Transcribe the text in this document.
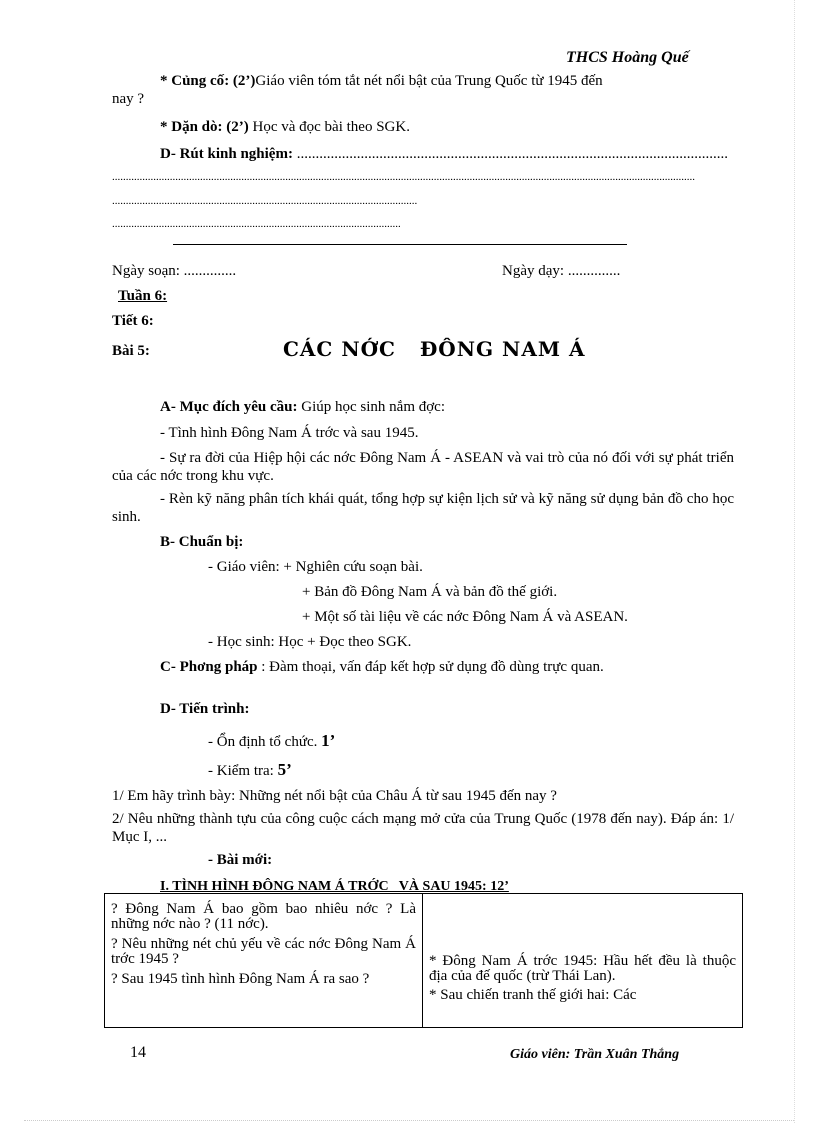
THCS Hoàng Quế
* Củng cố: (2’)Giáo viên tóm tắt nét nổi bật của Trung Quốc từ 1945 đến
nay ?
* Dặn dò: (2’) Học và đọc bài theo SGK.
D- Rút kinh nghiệm: ...................................................................................................................
....................................................................................................................................................................................................................
...............................................................................................................
.........................................................................................................
Ngày soạn: ..............	Ngày dạy: ..............
Tuần 6:
Tiết 6:
Bài 5:	CÁC NỚC   ĐÔNG NAM Á
A- Mục đích yêu cầu: Giúp học sinh nắm đợc:
- Tình hình Đông Nam Á trớc và sau 1945.
- Sự ra đời của Hiệp hội các nớc Đông Nam Á - ASEAN và vai trò của nó đối với sự phát triển của các nớc trong khu vực.
- Rèn kỹ năng phân tích khái quát, tổng hợp sự kiện lịch sử và kỹ năng sử dụng bản đồ cho học sinh.
B- Chuẩn bị:
- Giáo viên: + Nghiên cứu soạn bài.
+ Bản đồ Đông Nam Á và bản đồ thế giới.
+ Một số tài liệu về các nớc Đông Nam Á và ASEAN.
- Học sinh: Học + Đọc theo SGK.
C- Phơng pháp : Đàm thoại, vấn đáp kết hợp sử dụng đồ dùng trực quan.
D- Tiến trình:
- Ổn định tổ chức. 1’
- Kiểm tra: 5’
1/ Em hãy trình bày: Những nét nổi bật của Châu Á từ sau 1945 đến nay ?
2/ Nêu những thành tựu của công cuộc cách mạng mở cửa của Trung Quốc (1978 đến nay). Đáp án: 1/ Mục I, ...
- Bài mới:
I. TÌNH HÌNH ĐÔNG NAM Á TRỚC   VÀ SAU 1945: 12’
? Đông Nam Á bao gồm bao nhiêu nớc ? Là những nớc nào ? (11 nớc).
? Nêu những nét chủ yếu về các nớc Đông Nam Á trớc 1945 ?
? Sau 1945 tình hình Đông Nam Á ra sao ?

* Đông Nam Á trớc 1945: Hầu hết đều là thuộc địa của đế quốc (trừ Thái Lan).
* Sau chiến tranh thế giới hai: Các
14	Giáo viên: Trần Xuân Thắng
